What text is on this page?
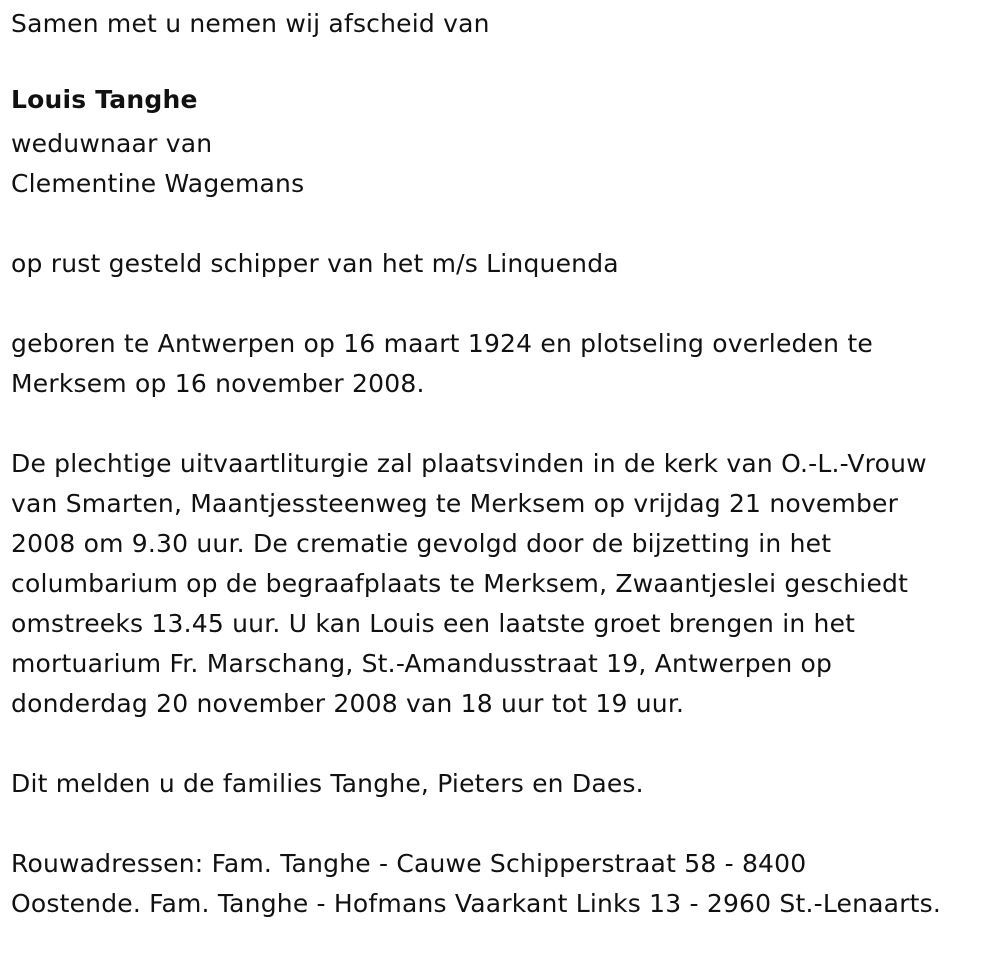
Samen met u nemen wij afscheid van
Louis Tanghe
weduwnaar van
Clementine Wagemans
op rust gesteld schipper van het m/s Linquenda
geboren te Antwerpen op 16 maart 1924 en plotseling overleden te
Merksem op 16 november 2008.
De plechtige uitvaartliturgie zal plaatsvinden in de kerk van O.-L.-Vrouw
van Smarten, Maantjessteenweg te Merksem op vrijdag 21 november
2008 om 9.30 uur. De crematie gevolgd door de bijzetting in het
columbarium op de begraafplaats te Merksem, Zwaantjeslei geschiedt
omstreeks 13.45 uur. U kan Louis een laatste groet brengen in het
mortuarium Fr. Marschang, St.-Amandusstraat 19, Antwerpen op
donderdag 20 november 2008 van 18 uur tot 19 uur.
Dit melden u de families Tanghe, Pieters en Daes.
Rouwadressen: Fam. Tanghe - Cauwe Schipperstraat 58 - 8400
Oostende. Fam. Tanghe - Hofmans Vaarkant Links 13 - 2960 St.-Lenaarts.
